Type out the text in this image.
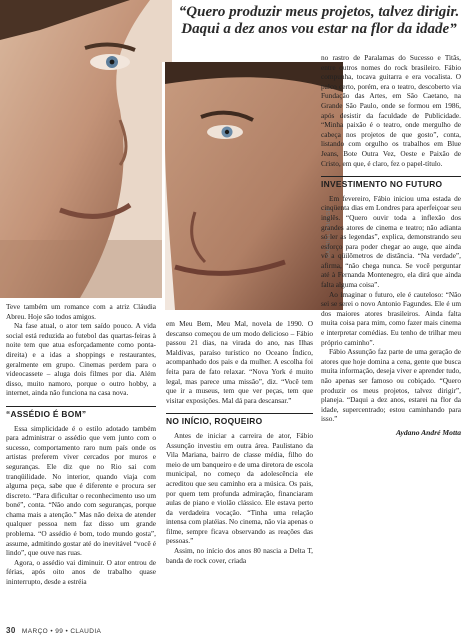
GABRIEL CAUSSE
“Quero produzir meus projetos, talvez dirigir.
Daqui a dez anos vou estar na flor da idade”

Teve também um romance com a atriz Cláudia Abreu. Hoje são todos amigos.

Na fase atual, o ator tem saído pouco. A vida social está reduzida ao futebol das quartas-feiras à noite tem que atua esforçadamente como ponta-direita) e a idas a shoppings e restaurantes, geralmente em grupo. Cinemas perdem para o videocassete – aluga dois filmes por dia. Além disso, muito namoro, porque o outro hobby, a internet, ainda não funciona na casa nova.

“ASSÉDIO É BOM”

Essa simplicidade é o estilo adotado também para administrar o assédio que vem junto com o sucesso, comportamento raro num país onde os artistas preferem viver cercados por muros e seguranças. Ele diz que no Rio sai com tranqüilidade. No interior, quando viaja com alguma peça, sabe que é diferente e procura ser discreto. “Para dificultar o reconhecimento uso um boné”, conta. “Não ando com seguranças, porque chama mais a atenção.” Mas não deixa de atender qualquer pessoa nem faz disso um grande problema. “O assédio é bom, todo mundo gosta”, assume, admitindo gostar até do inevitável “você é lindo”, que ouve nas ruas.

Agora, o assédio vai diminuir. O ator entrou de férias, após oito anos de trabalho quase ininterrupto, desde a estréia

em Meu Bem, Meu Mal, novela de 1990. O descanso começou de um modo delicioso – Fábio passou 21 dias, na virada do ano, nas Ilhas Maldivas, paraíso turístico no Oceano Índico, acompanhado dos pais e da mulher. A escolha foi feita para de fato relaxar. “Nova York é muito legal, mas parece uma missão”, diz. “Você tem que ir a museus, tem que ver peças, tem que visitar exposições. Mal dá para descansar.”

NO INÍCIO, ROQUEIRO

Antes de iniciar a carreira de ator, Fábio Assunção investiu em outra área. Paulistano da Vila Mariana, bairro de classe média, filho do meio de um banqueiro e de uma diretora de escola municipal, no começo da adolescência ele acreditou que seu caminho era a música. Os pais, por quem tem profunda admiração, financiaram aulas de piano e violão clássico. Ele estava perto da verdadeira vocação. “Tinha uma relação intensa com platéias. No cinema, não via apenas o filme, sempre ficava observando as reações das pessoas.”

Assim, no início dos anos 80 nascia a Delta T, banda de rock cover, criada

no rastro de Paralamas do Sucesso e Titãs, entre outros nomes do rock brasileiro. Fábio compunha, tocava guitarra e era vocalista. O palco certo, porém, era o teatro, descoberto via Fundação das Artes, em São Caetano, na Grande São Paulo, onde se formou em 1986, após desistir da faculdade de Publicidade. “Minha paixão é o teatro, onde mergulho de cabeça nos projetos de que gosto”, conta, listando com orgulho os trabalhos em Blue Jeans, Bote Outra Vez, Oeste e Paixão de Cristo, em que, é claro, fez o papel-título.

INVESTIMENTO NO FUTURO

Em fevereiro, Fábio iniciou uma estada de cinqüenta dias em Londres para aperfeiçoar seu inglês. “Quero ouvir toda a inflexão dos grandes atores de cinema e teatro; não adianta só ler as legendas”, explica, demonstrando seu esforço para poder chegar ao auge, que ainda vê a qüilômetros de distância. “Na verdade”, afirma, “não chega nunca. Se você perguntar até à Fernanda Montenegro, ela dirá que ainda falta alguma coisa”.

Ao imaginar o futuro, ele é cauteloso: “Não sei se serei o novo Antonio Fagundes. Ele é um dos maiores atores brasileiros. Ainda falta muita coisa para mim, como fazer mais cinema e interpretar comédias. Eu tenho de trilhar meu próprio caminho”.

Fábio Assunção faz parte de uma geração de atores que hoje domina a cena, gente que busca muita informação, deseja viver e aprender tudo, não apenas ser famoso ou cobiçado. “Quero produzir os meus projetos, talvez dirigir”, planeja. “Daqui a dez anos, estarei na flor da idade, supercentrado; estou caminhando para isso.”

Aydano André Motta
30 MARÇO • 99 • CLAUDIA
